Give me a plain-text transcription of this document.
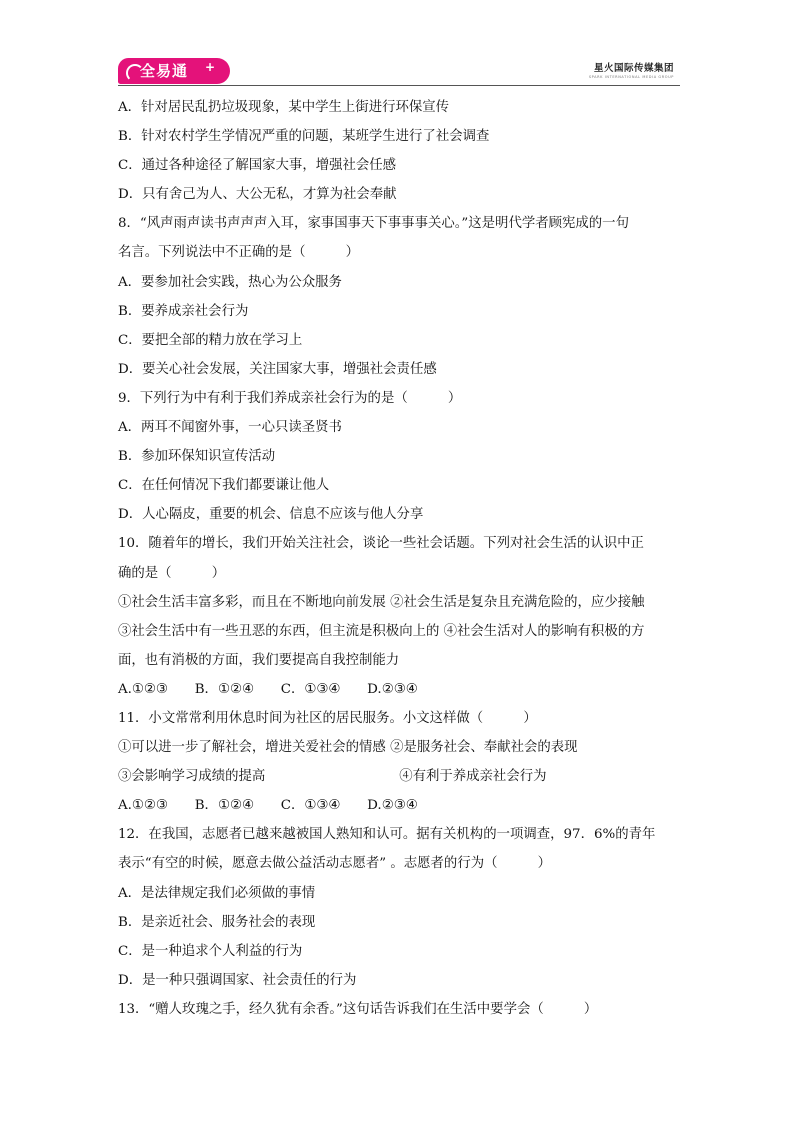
全易通 +	星火国际传媒集团
SPARK INTERNATIONAL MEDIA GROUP
A．针对居民乱扔垃圾现象，某中学生上街进行环保宣传
B．针对农村学生学情况严重的问题，某班学生进行了社会调查
C．通过各种途径了解国家大事，增强社会任感
D．只有舍己为人、大公无私，才算为社会奉献
8．“风声雨声读书声声声入耳，家事国事天下事事事关心。”这是明代学者顾宪成的一句
名言。下列说法中不正确的是（　　　）
A．要参加社会实践，热心为公众服务
B．要养成亲社会行为
C．要把全部的精力放在学习上
D．要关心社会发展，关注国家大事，增强社会责任感
9．下列行为中有利于我们养成亲社会行为的是（　　　）
A．两耳不闻窗外事，一心只读圣贤书
B．参加环保知识宣传活动
C．在任何情况下我们都要谦让他人
D．人心隔皮，重要的机会、信息不应该与他人分享
10．随着年的增长，我们开始关注社会，谈论一些社会话题。下列对社会生活的认识中正
确的是（　　　）
①社会生活丰富多彩，而且在不断地向前发展 ②社会生活是复杂且充满危险的，应少接触
③社会生活中有一些丑恶的东西，但主流是积极向上的 ④社会生活对人的影响有积极的方
面，也有消极的方面，我们要提高自我控制能力
A.①②③　　B．①②④　　C．①③④　　D.②③④
11．小文常常利用休息时间为社区的居民服务。小文这样做（　　　）
①可以进一步了解社会，增进关爱社会的情感 ②是服务社会、奉献社会的表现
③会影响学习成绩的提高　　　　　　　　　　④有利于养成亲社会行为
A.①②③　　B．①②④　　C．①③④　　D.②③④
12．在我国，志愿者已越来越被国人熟知和认可。据有关机构的一项调查，97．6%的青年
表示“有空的时候，愿意去做公益活动志愿者” 。志愿者的行为（　　　）
A．是法律规定我们必须做的事情
B．是亲近社会、服务社会的表现
C．是一种追求个人利益的行为
D．是一种只强调国家、社会责任的行为
13．“赠人玫瑰之手，经久犹有余香。”这句话告诉我们在生活中要学会（　　　）
